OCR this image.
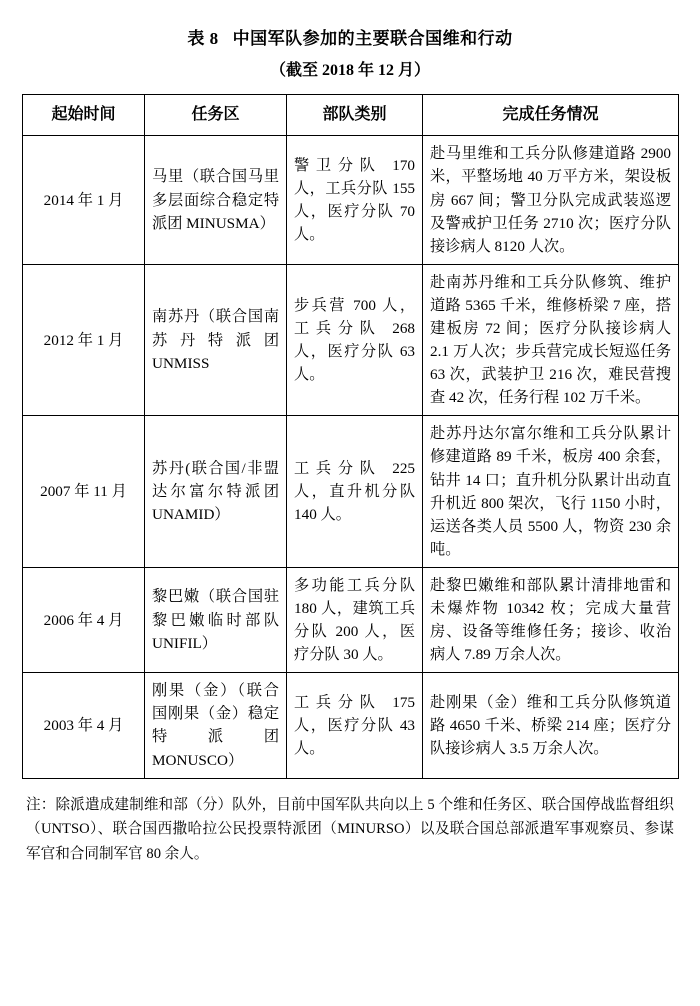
表 8 中国军队参加的主要联合国维和行动
（截至 2018 年 12 月）
起始时间	任务区	部队类别	完成任务情况
2014 年 1 月	马里（联合国马里多层面综合稳定特派团 MINUSMA）	警卫分队 170 人，工兵分队 155 人，医疗分队 70 人。	赴马里维和工兵分队修建道路 2900 米，平整场地 40 万平方米，架设板房 667 间；警卫分队完成武装巡逻及警戒护卫任务 2710 次；医疗分队接诊病人 8120 人次。
2012 年 1 月	南苏丹（联合国南苏丹特派团 UNMISS	步兵营 700 人，工兵分队 268 人，医疗分队 63 人。	赴南苏丹维和工兵分队修筑、维护道路 5365 千米，维修桥梁 7 座，搭建板房 72 间；医疗分队接诊病人 2.1 万人次；步兵营完成长短巡任务 63 次，武装护卫 216 次，难民营搜查 42 次，任务行程 102 万千米。
2007 年 11 月	苏丹(联合国/非盟达尔富尔特派团 UNAMID）	工兵分队 225 人，直升机分队 140 人。	赴苏丹达尔富尔维和工兵分队累计修建道路 89 千米，板房 400 余套，钻井 14 口；直升机分队累计出动直升机近 800 架次，飞行 1150 小时，运送各类人员 5500 人，物资 230 余吨。
2006 年 4 月	黎巴嫩（联合国驻黎巴嫩临时部队 UNIFIL）	多功能工兵分队 180 人，建筑工兵分队 200 人，医疗分队 30 人。	赴黎巴嫩维和部队累计清排地雷和未爆炸物 10342 枚；完成大量营房、设备等维修任务；接诊、收治病人 7.89 万余人次。
2003 年 4 月	刚果（金）（联合国刚果（金）稳定特派团 MONUSCO）	工兵分队 175 人，医疗分队 43 人。	赴刚果（金）维和工兵分队修筑道路 4650 千米、桥梁 214 座；医疗分队接诊病人 3.5 万余人次。
注：除派遣成建制维和部（分）队外，目前中国军队共向以上 5 个维和任务区、联合国停战监督组织（UNTSO）、联合国西撒哈拉公民投票特派团（MINURSO）以及联合国总部派遣军事观察员、参谋军官和合同制军官 80 余人。
